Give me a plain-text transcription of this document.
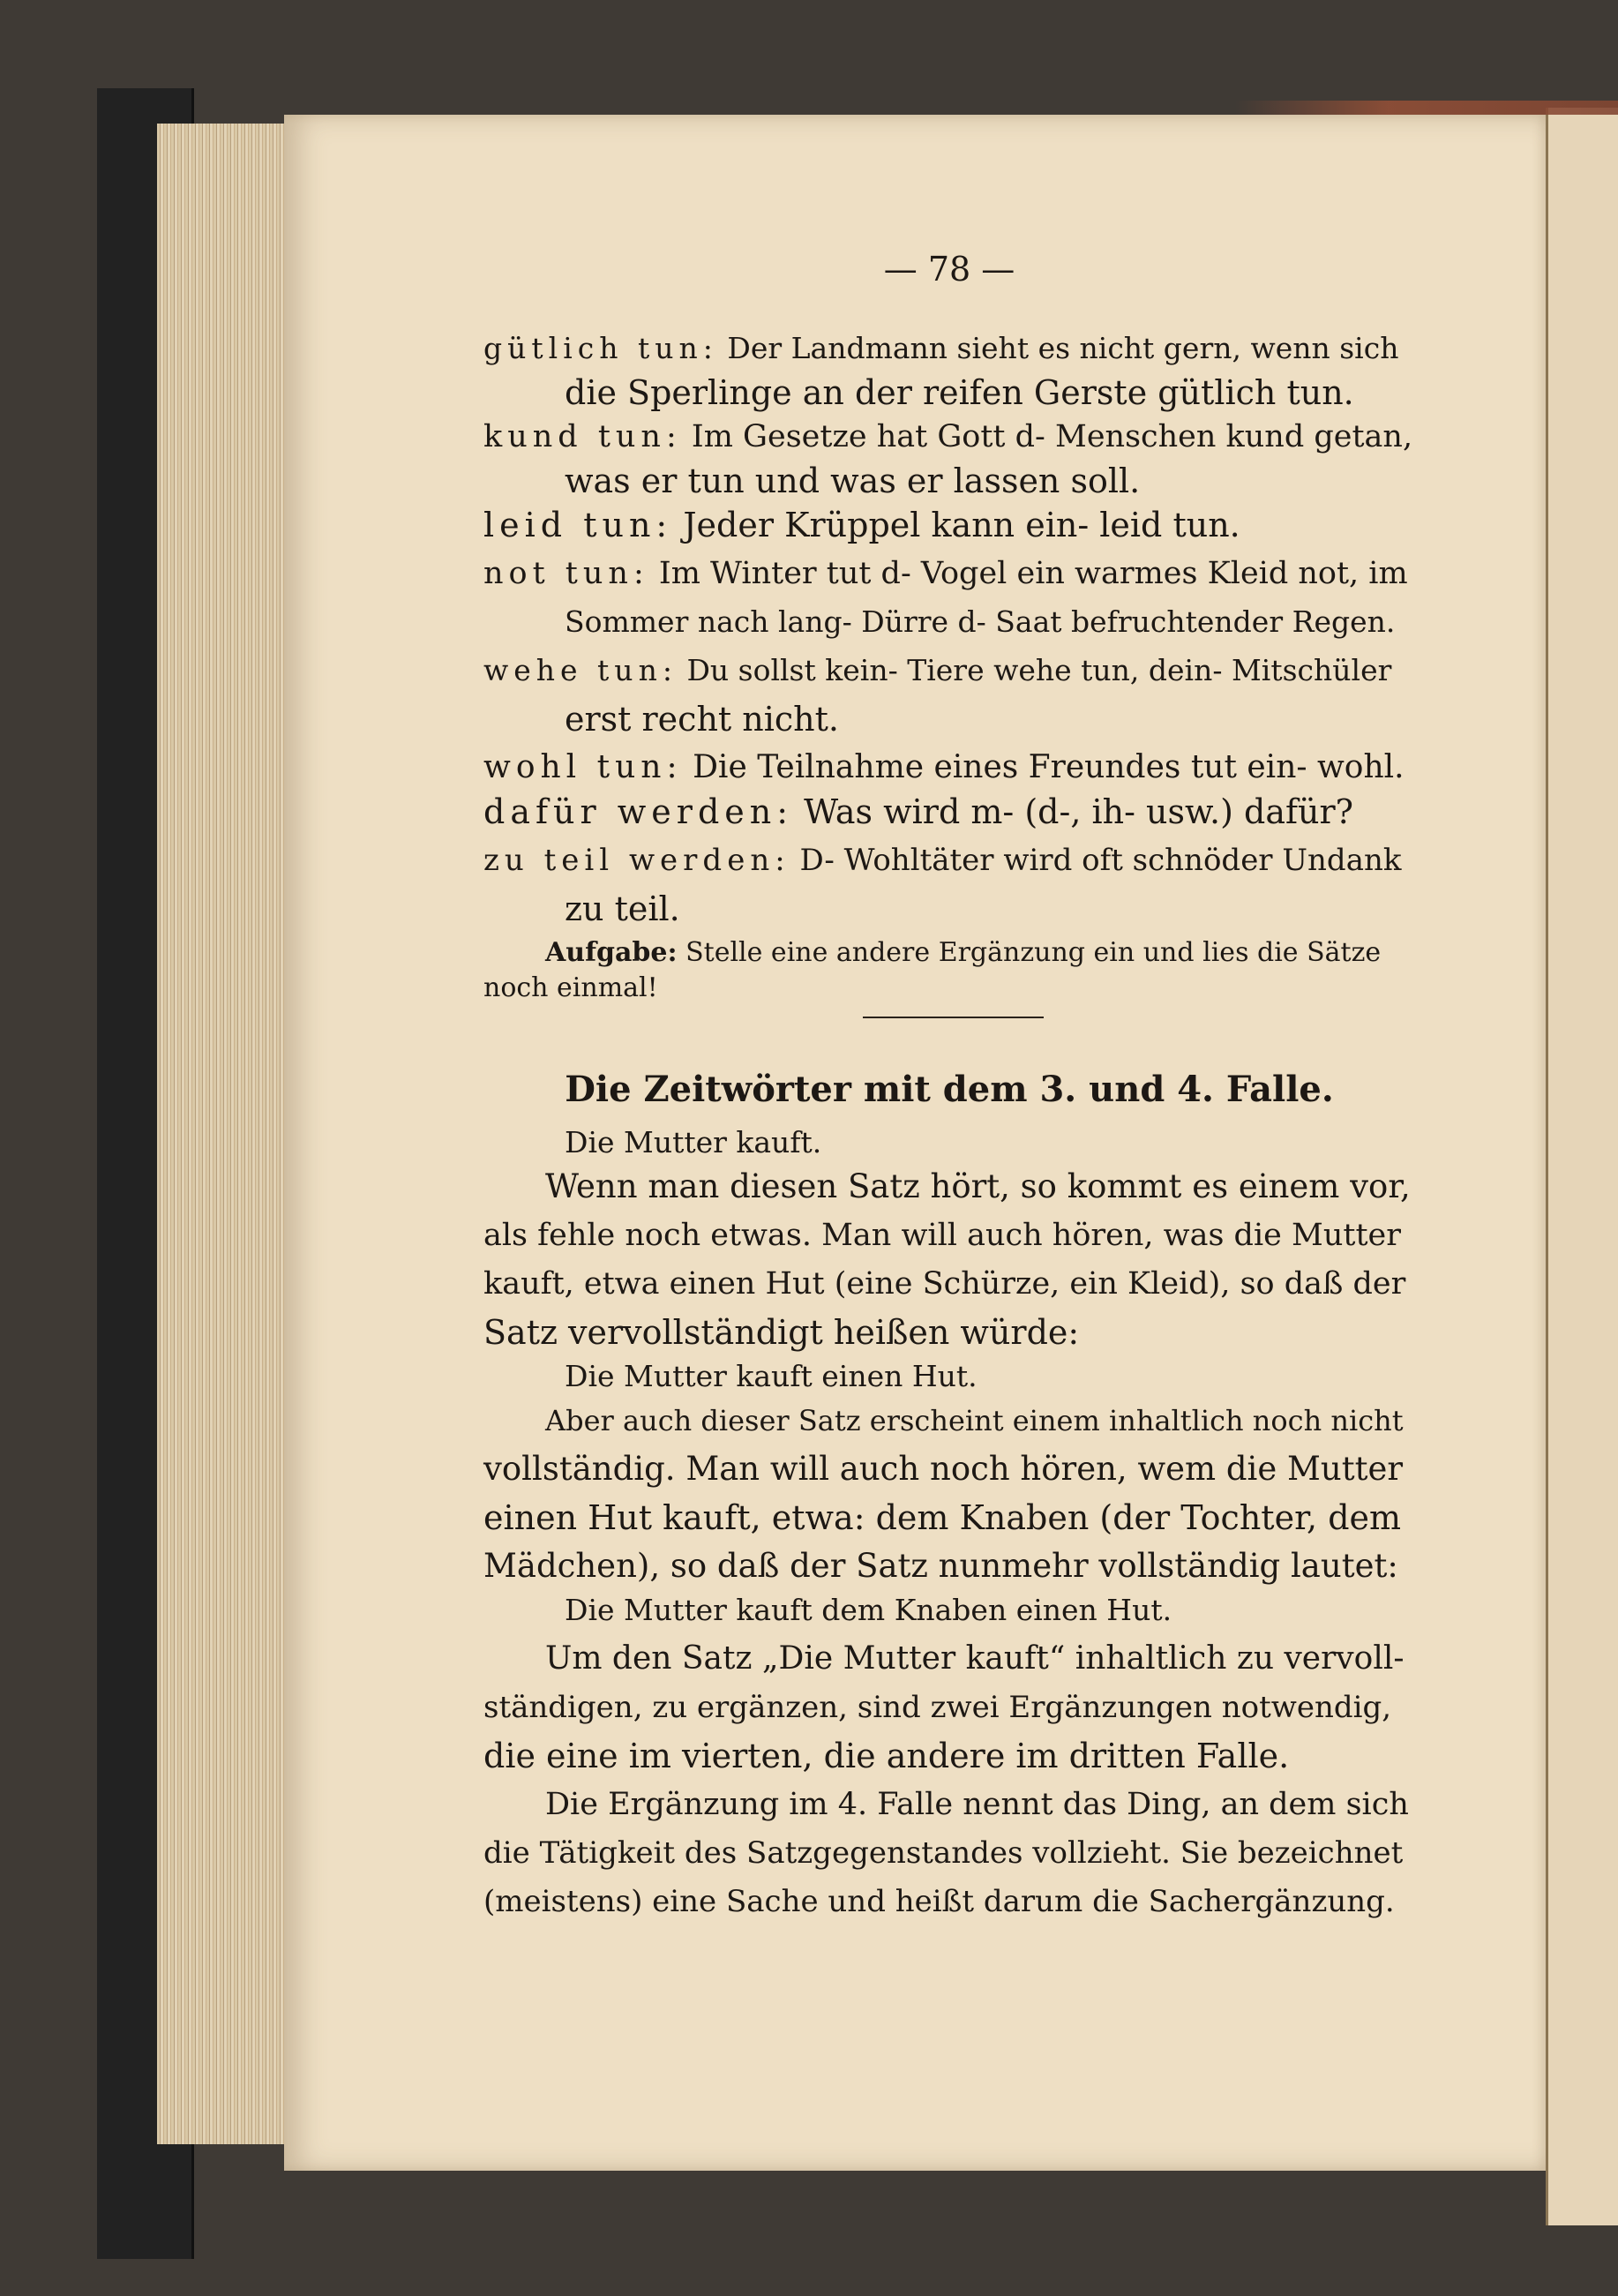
— 78 —
gütlich tun: Der Landmann sieht es nicht gern, wenn sich
die Sperlinge an der reifen Gerste gütlich tun.
kund tun: Im Gesetze hat Gott d- Menschen kund getan,
was er tun und was er lassen soll.
leid tun: Jeder Krüppel kann ein- leid tun.
not tun: Im Winter tut d- Vogel ein warmes Kleid not, im
Sommer nach lang- Dürre d- Saat befruchtender Regen.
wehe tun: Du sollst kein- Tiere wehe tun, dein- Mitschüler
erst recht nicht.
wohl tun: Die Teilnahme eines Freundes tut ein- wohl.
dafür werden: Was wird m- (d-, ih- usw.) dafür?
zu teil werden: D- Wohltäter wird oft schnöder Undank
zu teil.
Aufgabe: Stelle eine andere Ergänzung ein und lies die Sätze
noch einmal!
Die Zeitwörter mit dem 3. und 4. Falle.
Die Mutter kauft.
Wenn man diesen Satz hört, so kommt es einem vor,
als fehle noch etwas. Man will auch hören, was die Mutter
kauft, etwa einen Hut (eine Schürze, ein Kleid), so daß der
Satz vervollständigt heißen würde:
Die Mutter kauft einen Hut.
Aber auch dieser Satz erscheint einem inhaltlich noch nicht
vollständig. Man will auch noch hören, wem die Mutter
einen Hut kauft, etwa: dem Knaben (der Tochter, dem
Mädchen), so daß der Satz nunmehr vollständig lautet:
Die Mutter kauft dem Knaben einen Hut.
Um den Satz „Die Mutter kauft“ inhaltlich zu vervoll-
ständigen, zu ergänzen, sind zwei Ergänzungen notwendig,
die eine im vierten, die andere im dritten Falle.
Die Ergänzung im 4. Falle nennt das Ding, an dem sich
die Tätigkeit des Satzgegenstandes vollzieht. Sie bezeichnet
(meistens) eine Sache und heißt darum die Sachergänzung.
